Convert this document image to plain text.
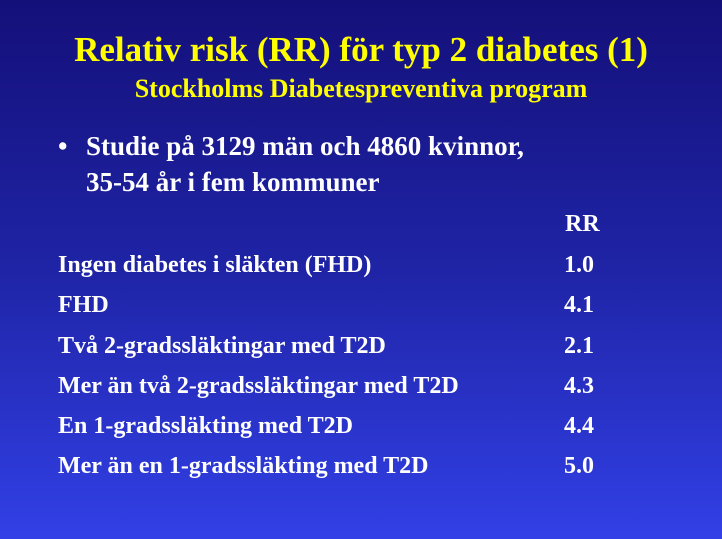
Relativ risk (RR) för typ 2 diabetes (1)
Stockholms Diabetespreventiva program
• Studie på 3129 män och 4860 kvinnor,
35-54 år i fem kommuner
RR
Ingen diabetes i släkten (FHD)	1.0
FHD	4.1
Två 2-gradssläktingar med T2D	2.1
Mer än två 2-gradssläktingar med T2D	4.3
En 1-gradssläkting med T2D	4.4
Mer än en 1-gradssläkting med T2D	5.0
